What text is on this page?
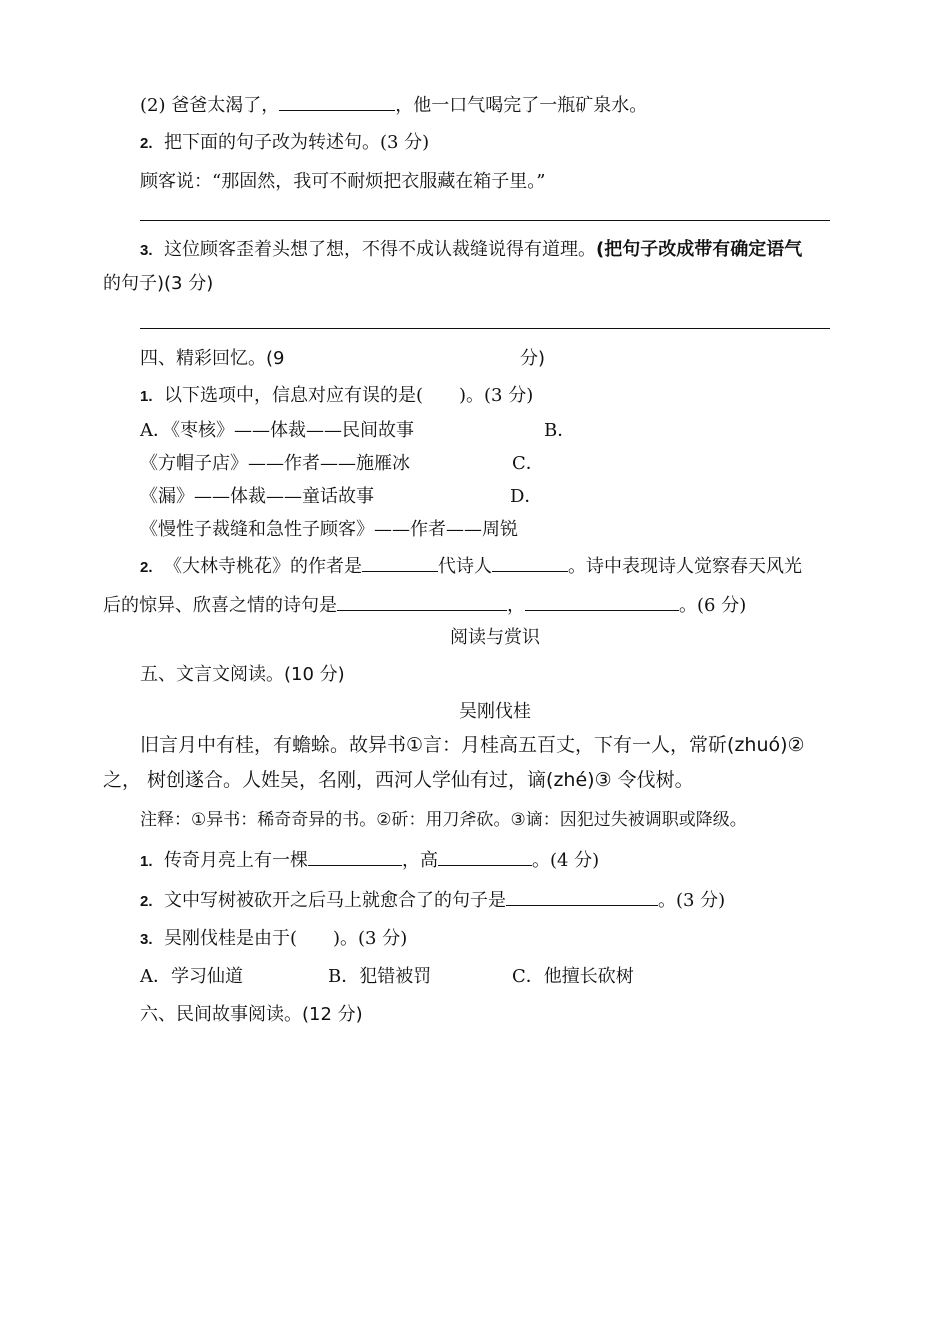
(2) 爸爸太渴了，	，他一口气喝完了一瓶矿泉水。
2. 把下面的句子改为转述句。(3 分)
顾客说：“那固然，我可不耐烦把衣服藏在箱子里。”
3. 这位顾客歪着头想了想，不得不成认裁缝说得有道理。(把句子改成带有确定语气
的句子)(3 分)
四、精彩回忆。(9	分)
1. 以下选项中，信息对应有误的是(　　)。(3 分)
A．《枣核》——体裁——民间故事	B．
《方帽子店》——作者——施雁冰	C．
《漏》——体裁——童话故事	D．
《慢性子裁缝和急性子顾客》——作者——周锐
2. 《大林寺桃花》的作者是	代诗人	。诗中表现诗人觉察春天风光
后的惊异、欣喜之情的诗句是	，	。(6 分)
阅读与赏识
五、文言文阅读。(10 分)
吴刚伐桂
旧言月中有桂，有蟾蜍。故异书①言：月桂高五百丈，下有一人，常斫(zhuó)②
之， 树创遂合。人姓吴，名刚，西河人学仙有过，谪(zhé)③ 令伐树。
注释：①异书：稀奇奇异的书。②斫：用刀斧砍。③谪：因犯过失被调职或降级。
1. 传奇月亮上有一棵	，高	。(4 分)
2. 文中写树被砍开之后马上就愈合了的句子是	。(3 分)
3. 吴刚伐桂是由于(　　)。(3 分)
A．学习仙道	B．犯错被罚	C．他擅长砍树
六、民间故事阅读。(12 分)
